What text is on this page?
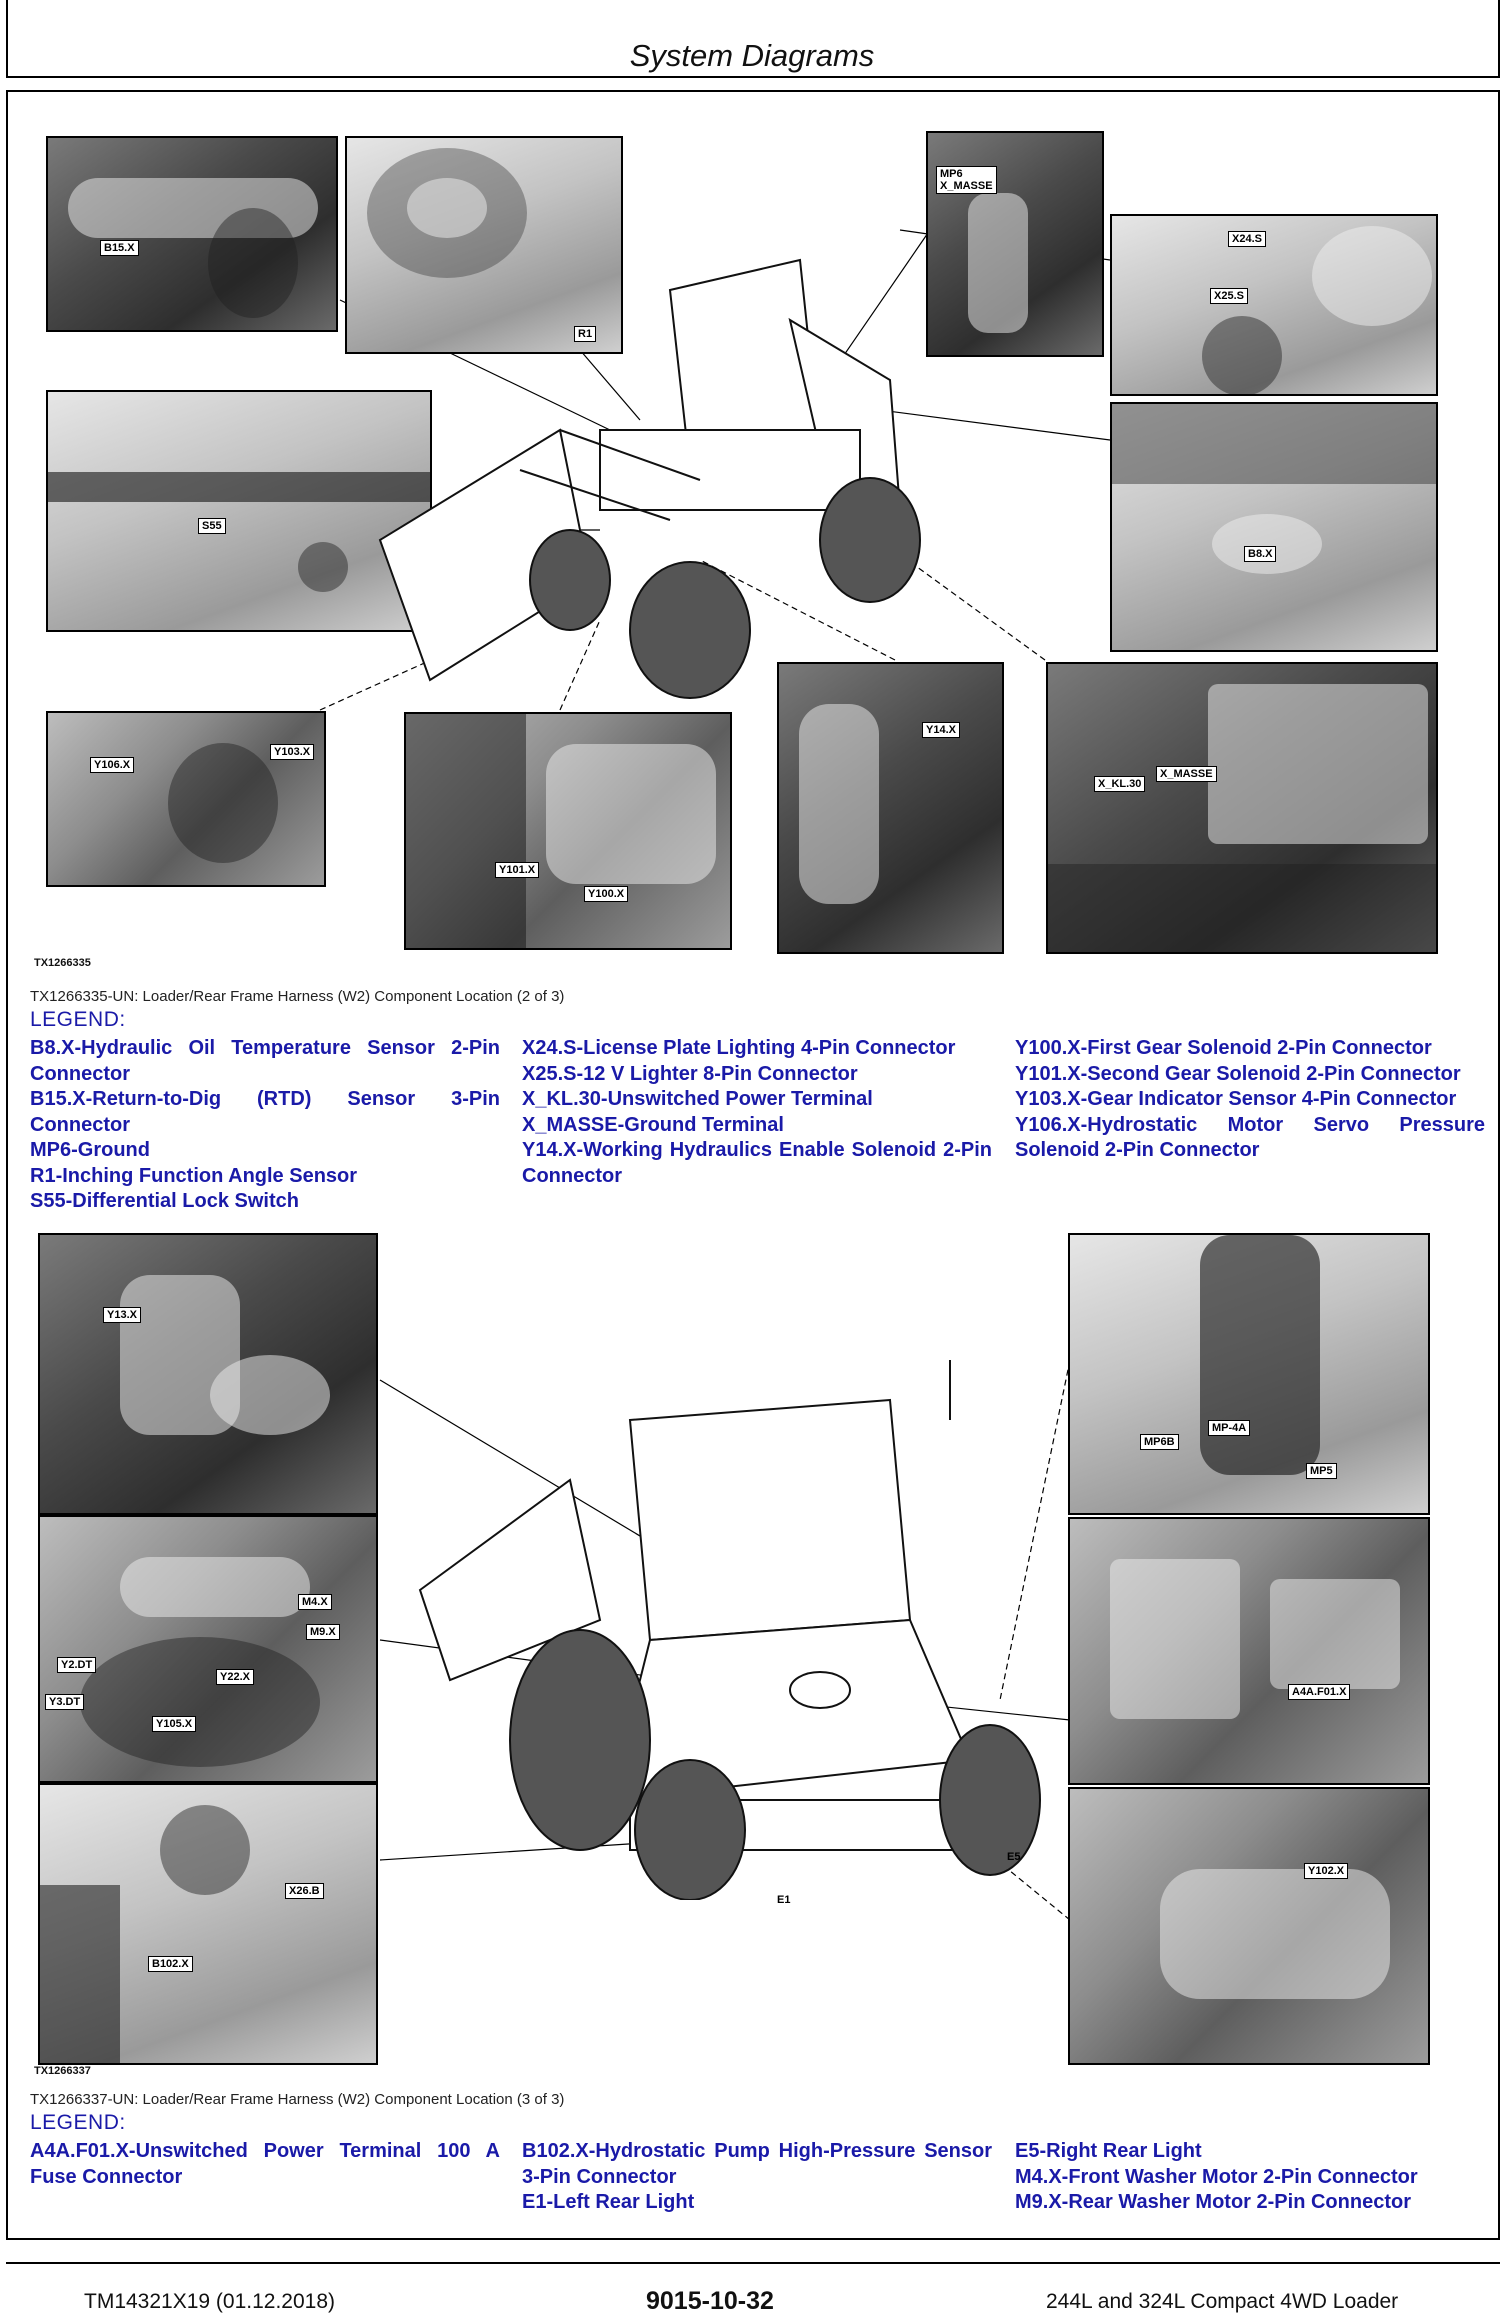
System Diagrams
B15.X
R1
MP6
X_MASSE
X24.S
X25.S
S55
B8.X
Y106.X
Y103.X
Y101.X
Y100.X
Y14.X
X_KL.30
X_MASSE
TX1266335
TX1266335-UN: Loader/Rear Frame Harness (W2) Component Location (2 of 3)
LEGEND:
B8.X-Hydraulic Oil Temperature Sensor 2-Pin Connector
B15.X-Return-to-Dig (RTD) Sensor 3-Pin Connector
MP6-Ground
R1-Inching Function Angle Sensor
S55-Differential Lock Switch
X24.S-License Plate Lighting 4-Pin Connector
X25.S-12 V Lighter 8-Pin Connector
X_KL.30-Unswitched Power Terminal
X_MASSE-Ground Terminal
Y14.X-Working Hydraulics Enable Solenoid 2-Pin Connector
Y100.X-First Gear Solenoid 2-Pin Connector
Y101.X-Second Gear Solenoid 2-Pin Connector
Y103.X-Gear Indicator Sensor 4-Pin Connector
Y106.X-Hydrostatic Motor Servo Pressure Solenoid 2-Pin Connector
Y13.X
M4.X
M9.X
Y2.DT
Y22.X
Y3.DT
Y105.X
X26.B
B102.X
E5
E1
MP6B
MP-4A
MP5
A4A.F01.X
Y102.X
TX1266337
TX1266337-UN: Loader/Rear Frame Harness (W2) Component Location (3 of 3)
LEGEND:
A4A.F01.X-Unswitched Power Terminal 100 A Fuse Connector
B102.X-Hydrostatic Pump High-Pressure Sensor 3-Pin Connector
E1-Left Rear Light
E5-Right Rear Light
M4.X-Front Washer Motor 2-Pin Connector
M9.X-Rear Washer Motor 2-Pin Connector
TM14321X19 (01.12.2018)	9015-10-32	244L and 324L Compact 4WD Loader
